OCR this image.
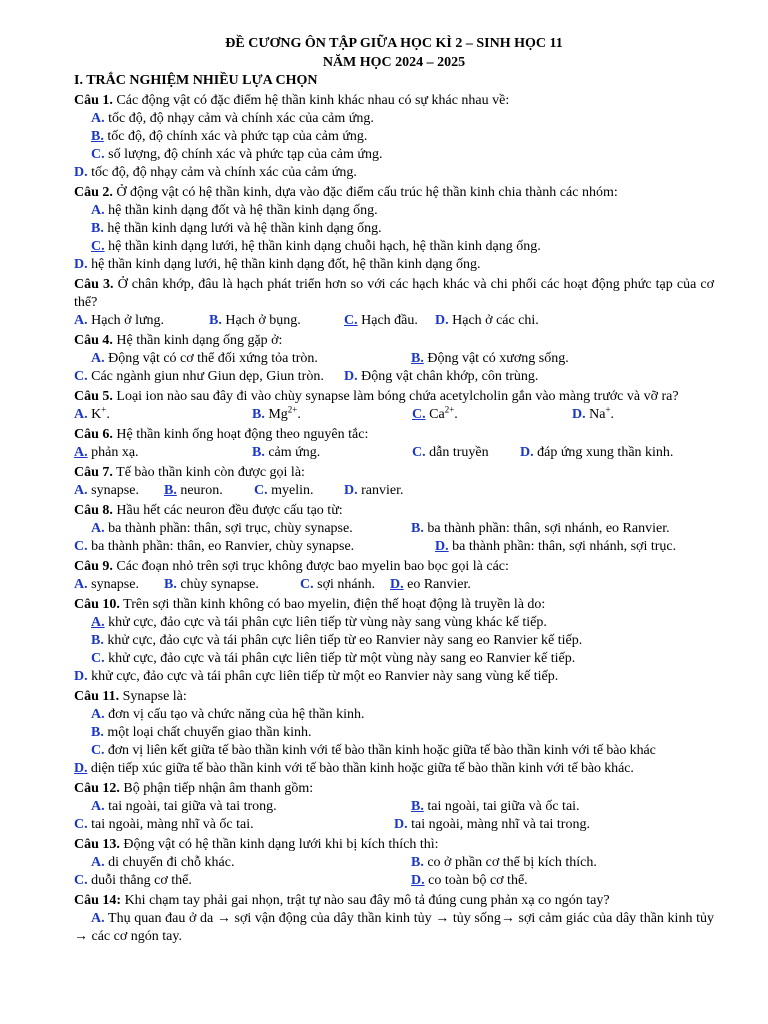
ĐỀ CƯƠNG ÔN TẬP GIỮA HỌC KÌ 2 – SINH HỌC 11
NĂM HỌC 2024 – 2025
I. TRẮC NGHIỆM NHIỀU LỰA CHỌN
Câu 1. Các động vật có đặc điểm hệ thần kinh khác nhau có sự khác nhau về:
A. tốc độ, độ nhạy cảm và chính xác của cảm ứng.
B. tốc độ, độ chính xác và phức tạp của cảm ứng.
C. số lượng, độ chính xác và phức tạp của cảm ứng.
D. tốc độ, độ nhạy cảm và chính xác của cảm ứng.
Câu 2. Ở động vật có hệ thần kinh, dựa vào đặc điểm cấu trúc hệ thần kinh chia thành các nhóm:
A. hệ thần kinh dạng đốt và hệ thần kinh dạng ống.
B. hệ thần kinh dạng lưới và hệ thần kinh dạng ống.
C. hệ thần kinh dạng lưới, hệ thần kinh dạng chuỗi hạch, hệ thần kinh dạng ống.
D. hệ thần kinh dạng lưới, hệ thần kinh dạng đốt, hệ thần kinh dạng ống.
Câu 3. Ở chân khớp, đâu là hạch phát triển hơn so với các hạch khác và chi phối các hoạt động phức tạp của cơ thể?
A. Hạch ở lưng.	B. Hạch ở bụng.	C. Hạch đầu.	D. Hạch ở các chi.
Câu 4. Hệ thần kinh dạng ống gặp ở:
A. Động vật có cơ thể đối xứng tỏa tròn.	B. Động vật có xương sống.
C. Các ngành giun như Giun dẹp, Giun tròn.	D. Động vật chân khớp, côn trùng.
Câu 5. Loại ion nào sau đây đi vào chùy synapse làm bóng chứa acetylcholin gắn vào màng trước và vỡ ra?
A. K+.	B. $Mg^{2+}$.	C. $Ca^{2+}$.	D. Na+.
Câu 6. Hệ thần kinh ống hoạt động theo nguyên tắc:
A. phản xạ.	B. cảm ứng.	C. dẫn truyền	D. đáp ứng xung thần kinh.
Câu 7. Tế bào thần kinh còn được gọi là:
A. synapse.	B. neuron.	C. myelin.	D. ranvier.
Câu 8. Hầu hết các neuron đều được cấu tạo từ:
A. ba thành phần: thân, sợi trục, chùy synapse.	B. ba thành phần: thân, sợi nhánh, eo Ranvier.
C. ba thành phần: thân, eo Ranvier, chùy synapse.	D. ba thành phần: thân, sợi nhánh, sợi trục.
Câu 9. Các đoạn nhỏ trên sợi trục không được bao myelin bao bọc gọi là các:
A. synapse.	B. chùy synapse.	C. sợi nhánh.	D. eo Ranvier.
Câu 10. Trên sợi thần kinh không có bao myelin, điện thế hoạt động là truyền là do:
A. khử cực, đảo cực và tái phân cực liên tiếp từ vùng này sang vùng khác kế tiếp.
B. khử cực, đảo cực và tái phân cực liên tiếp từ eo Ranvier này sang eo Ranvier kế tiếp.
C. khử cực, đảo cực và tái phân cực liên tiếp từ một vùng này sang eo Ranvier kế tiếp.
D. khử cực, đảo cực và tái phân cực liên tiếp từ một eo Ranvier này sang vùng kế tiếp.
Câu 11. Synapse là:
A. đơn vị cấu tạo và chức năng của hệ thần kinh.
B. một loại chất chuyển giao thần kinh.
C. đơn vị liên kết giữa tế bào thần kinh với tế bào thần kinh hoặc giữa tế bào thần kinh với tế bào khác
D. diện tiếp xúc giữa tế bào thần kinh với tế bào thần kinh hoặc giữa tế bào thần kinh với tế bào khác.
Câu 12. Bộ phận tiếp nhận âm thanh gồm:
A. tai ngoài, tai giữa và tai trong.	B. tai ngoài, tai giữa và ốc tai.
C. tai ngoài, màng nhĩ và ốc tai.	D. tai ngoài, màng nhĩ và tai trong.
Câu 13. Động vật có hệ thần kinh dạng lưới khi bị kích thích thì:
A. di chuyển đi chỗ khác.	B. co ở phần cơ thể bị kích thích.
C. duỗi thẳng cơ thể.	D. co toàn bộ cơ thể.
Câu 14: Khi chạm tay phải gai nhọn, trật tự nào sau đây mô tả đúng cung phản xạ co ngón tay?
A. Thụ quan đau ở da → sợi vận động của dây thần kinh tủy → tủy sống→ sợi cảm giác của dây thần kinh tủy → các cơ ngón tay.
